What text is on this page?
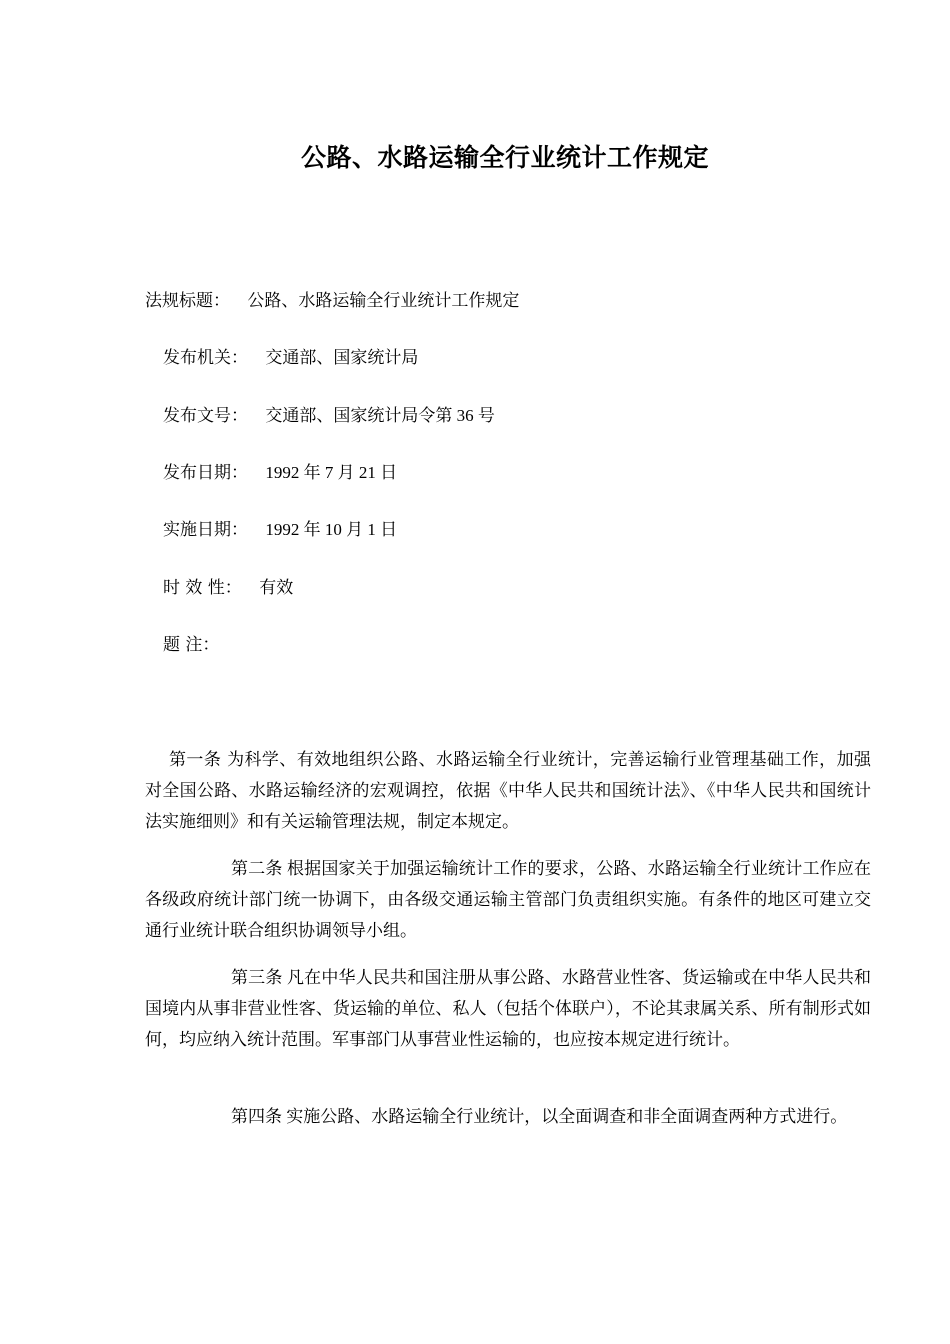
公路、水路运输全行业统计工作规定
法规标题： 公路、水路运输全行业统计工作规定
发布机关： 交通部、国家统计局
发布文号： 交通部、国家统计局令第 36 号
发布日期： 1992 年 7 月 21 日
实施日期： 1992 年 10 月 1 日
时 效 性： 有效
题 注：

第一条 为科学、有效地组织公路、水路运输全行业统计，完善运输行业管理基础工作，加强对全国公路、水路运输经济的宏观调控，依据《中华人民共和国统计法》、《中华人民共和国统计法实施细则》和有关运输管理法规，制定本规定。

第二条 根据国家关于加强运输统计工作的要求，公路、水路运输全行业统计工作应在各级政府统计部门统一协调下，由各级交通运输主管部门负责组织实施。有条件的地区可建立交通行业统计联合组织协调领导小组。

第三条 凡在中华人民共和国注册从事公路、水路营业性客、货运输或在中华人民共和国境内从事非营业性客、货运输的单位、私人（包括个体联户），不论其隶属关系、所有制形式如何，均应纳入统计范围。军事部门从事营业性运输的，也应按本规定进行统计。

第四条 实施公路、水路运输全行业统计，以全面调查和非全面调查两种方式进行。
